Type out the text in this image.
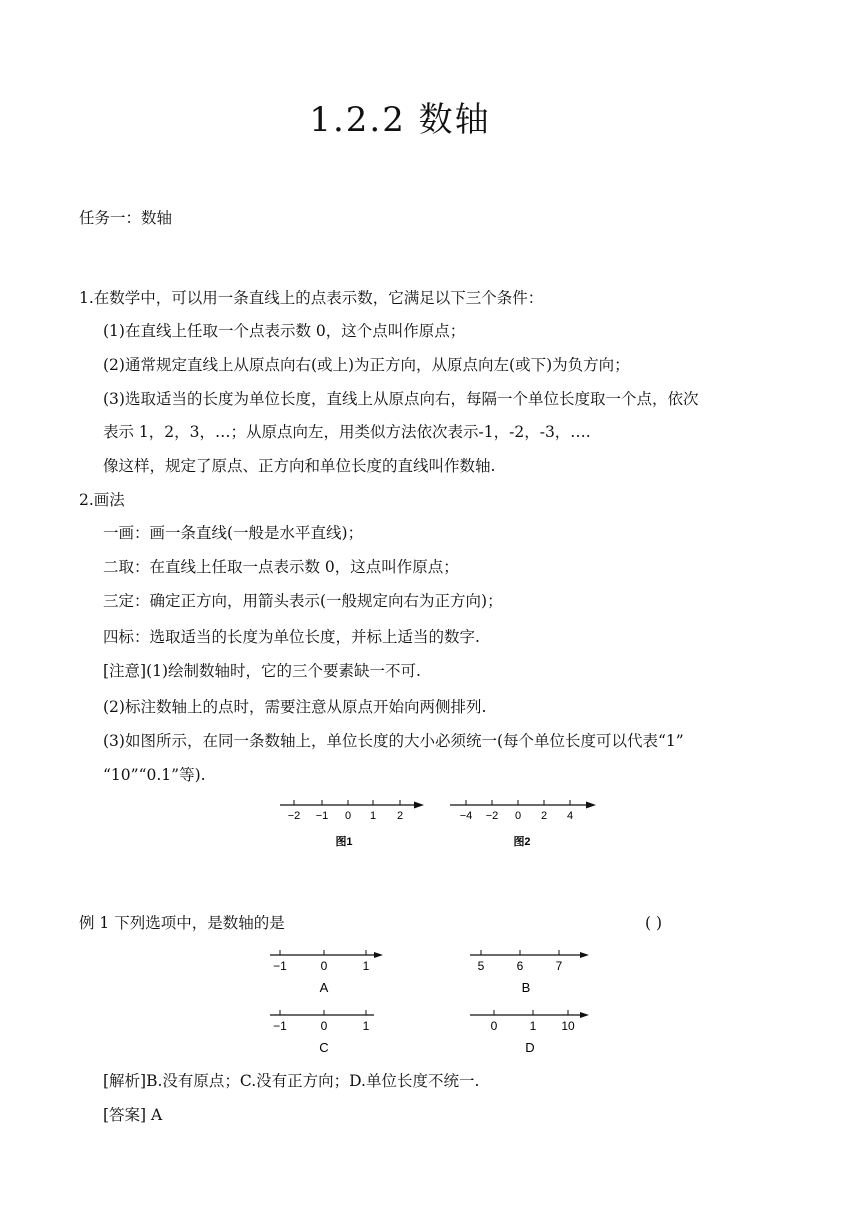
1.2.2 数轴
任务一：数轴
1.在数学中，可以用一条直线上的点表示数，它满足以下三个条件：
(1)在直线上任取一个点表示数 0，这个点叫作原点；
(2)通常规定直线上从原点向右(或上)为正方向，从原点向左(或下)为负方向；
(3)选取适当的长度为单位长度，直线上从原点向右，每隔一个单位长度取一个点，依次
表示 1，2，3，…；从原点向左，用类似方法依次表示-1，-2，-3，….
像这样，规定了原点、正方向和单位长度的直线叫作数轴.
2.画法
一画：画一条直线(一般是水平直线)；
二取：在直线上任取一点表示数 0，这点叫作原点；
三定：确定正方向，用箭头表示(一般规定向右为正方向)；
四标：选取适当的长度为单位长度，并标上适当的数字.
[注意](1)绘制数轴时，它的三个要素缺一不可.
(2)标注数轴上的点时，需要注意从原点开始向两侧排列.
(3)如图所示，在同一条数轴上，单位长度的大小必须统一(每个单位长度可以代表“1”
“10”“0.1”等).
−2 −1 0 1 2
图1
−4 −2 0 2 4
图2
例 1 下列选项中，是数轴的是	( )
−1	0	1
A
5	6	7
B
−1	0	1
C
0	1 10
D
[解析]B.没有原点；C.没有正方向；D.单位长度不统一.
[答案] A
